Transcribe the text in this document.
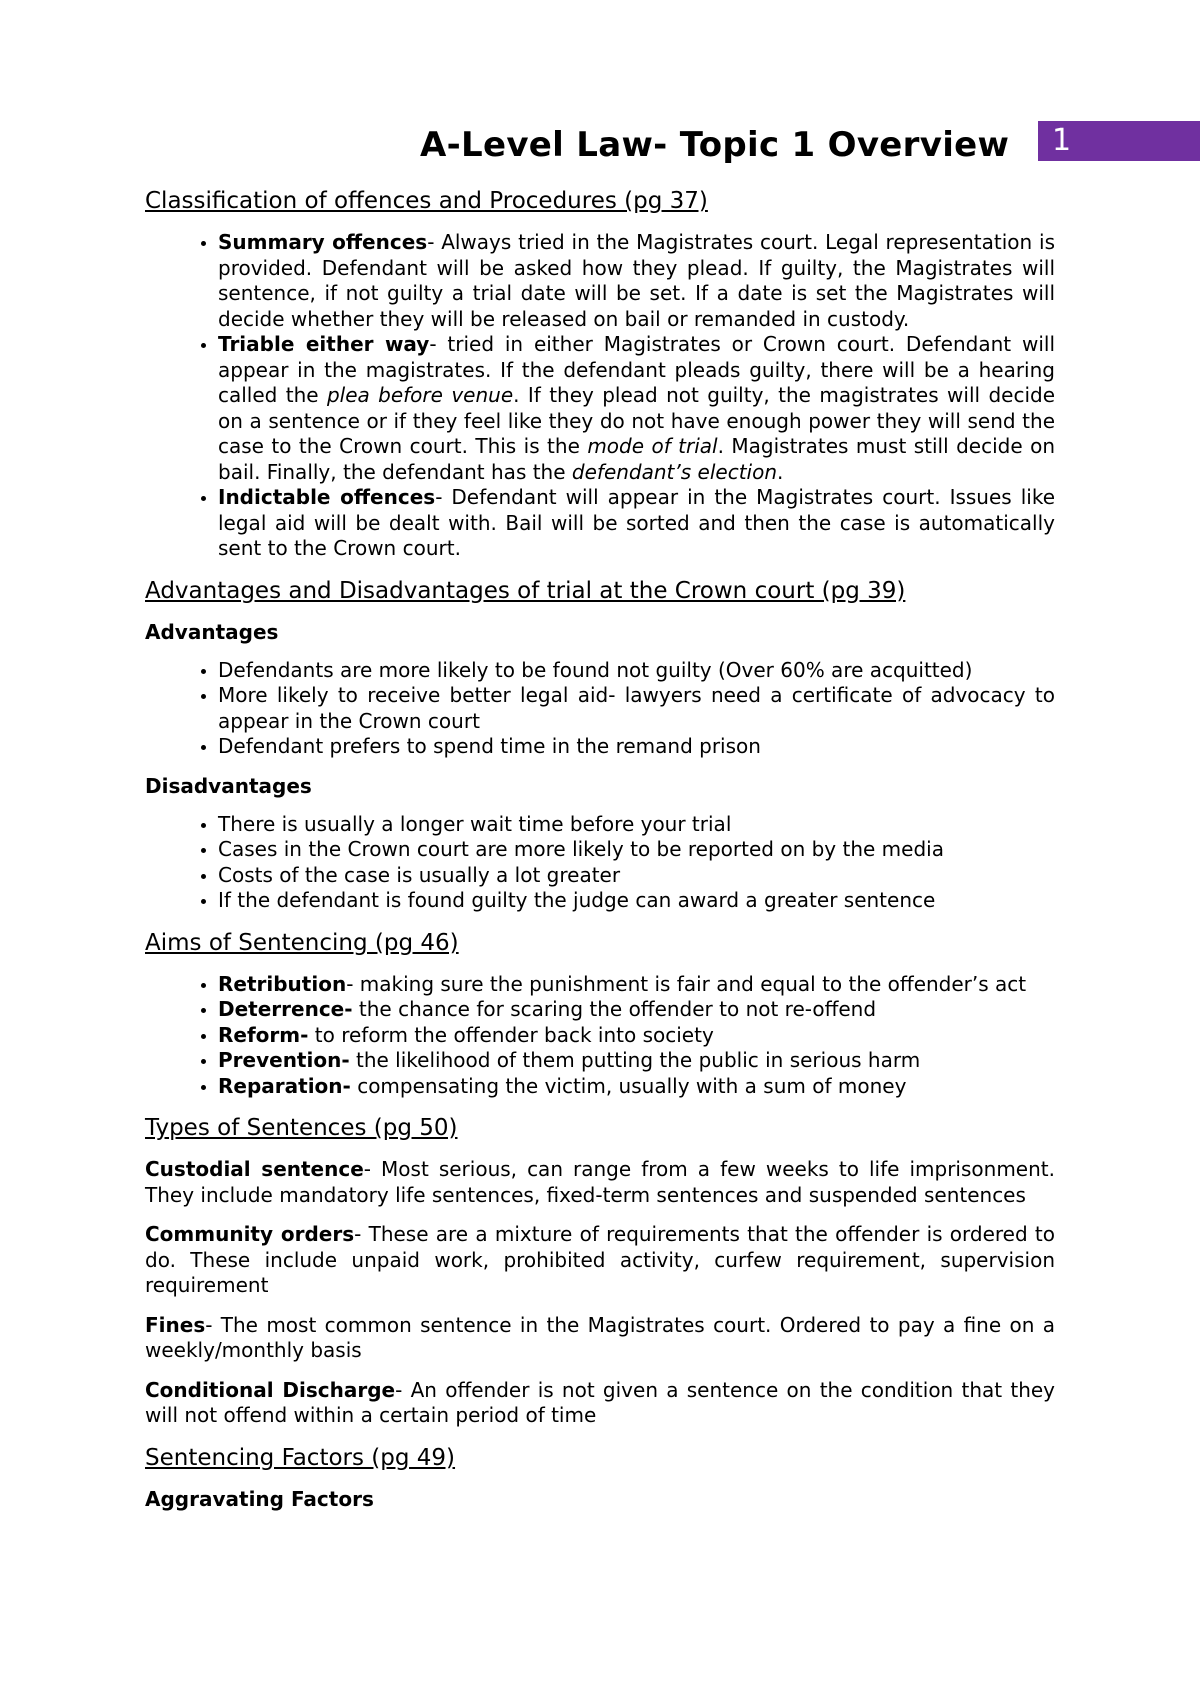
A-Level Law- Topic 1 Overview	1
Classification of offences and Procedures (pg 37)
• Summary offences- Always tried in the Magistrates court. Legal representation is provided. Defendant will be asked how they plead. If guilty, the Magistrates will sentence, if not guilty a trial date will be set. If a date is set the Magistrates will decide whether they will be released on bail or remanded in custody.
• Triable either way- tried in either Magistrates or Crown court. Defendant will appear in the magistrates. If the defendant pleads guilty, there will be a hearing called the plea before venue. If they plead not guilty, the magistrates will decide on a sentence or if they feel like they do not have enough power they will send the case to the Crown court. This is the mode of trial. Magistrates must still decide on bail. Finally, the defendant has the defendant’s election.
• Indictable offences- Defendant will appear in the Magistrates court. Issues like legal aid will be dealt with. Bail will be sorted and then the case is automatically sent to the Crown court.
Advantages and Disadvantages of trial at the Crown court (pg 39)
Advantages
• Defendants are more likely to be found not guilty (Over 60% are acquitted)
• More likely to receive better legal aid- lawyers need a certificate of advocacy to appear in the Crown court
• Defendant prefers to spend time in the remand prison
Disadvantages
• There is usually a longer wait time before your trial
• Cases in the Crown court are more likely to be reported on by the media
• Costs of the case is usually a lot greater
• If the defendant is found guilty the judge can award a greater sentence
Aims of Sentencing (pg 46)
• Retribution- making sure the punishment is fair and equal to the offender’s act
• Deterrence- the chance for scaring the offender to not re-offend
• Reform- to reform the offender back into society
• Prevention- the likelihood of them putting the public in serious harm
• Reparation- compensating the victim, usually with a sum of money
Types of Sentences (pg 50)

Custodial sentence- Most serious, can range from a few weeks to life imprisonment. They include mandatory life sentences, fixed-term sentences and suspended sentences

Community orders- These are a mixture of requirements that the offender is ordered to do. These include unpaid work, prohibited activity, curfew requirement, supervision requirement

Fines- The most common sentence in the Magistrates court. Ordered to pay a fine on a weekly/monthly basis

Conditional Discharge- An offender is not given a sentence on the condition that they will not offend within a certain period of time

Sentencing Factors (pg 49)
Aggravating Factors
